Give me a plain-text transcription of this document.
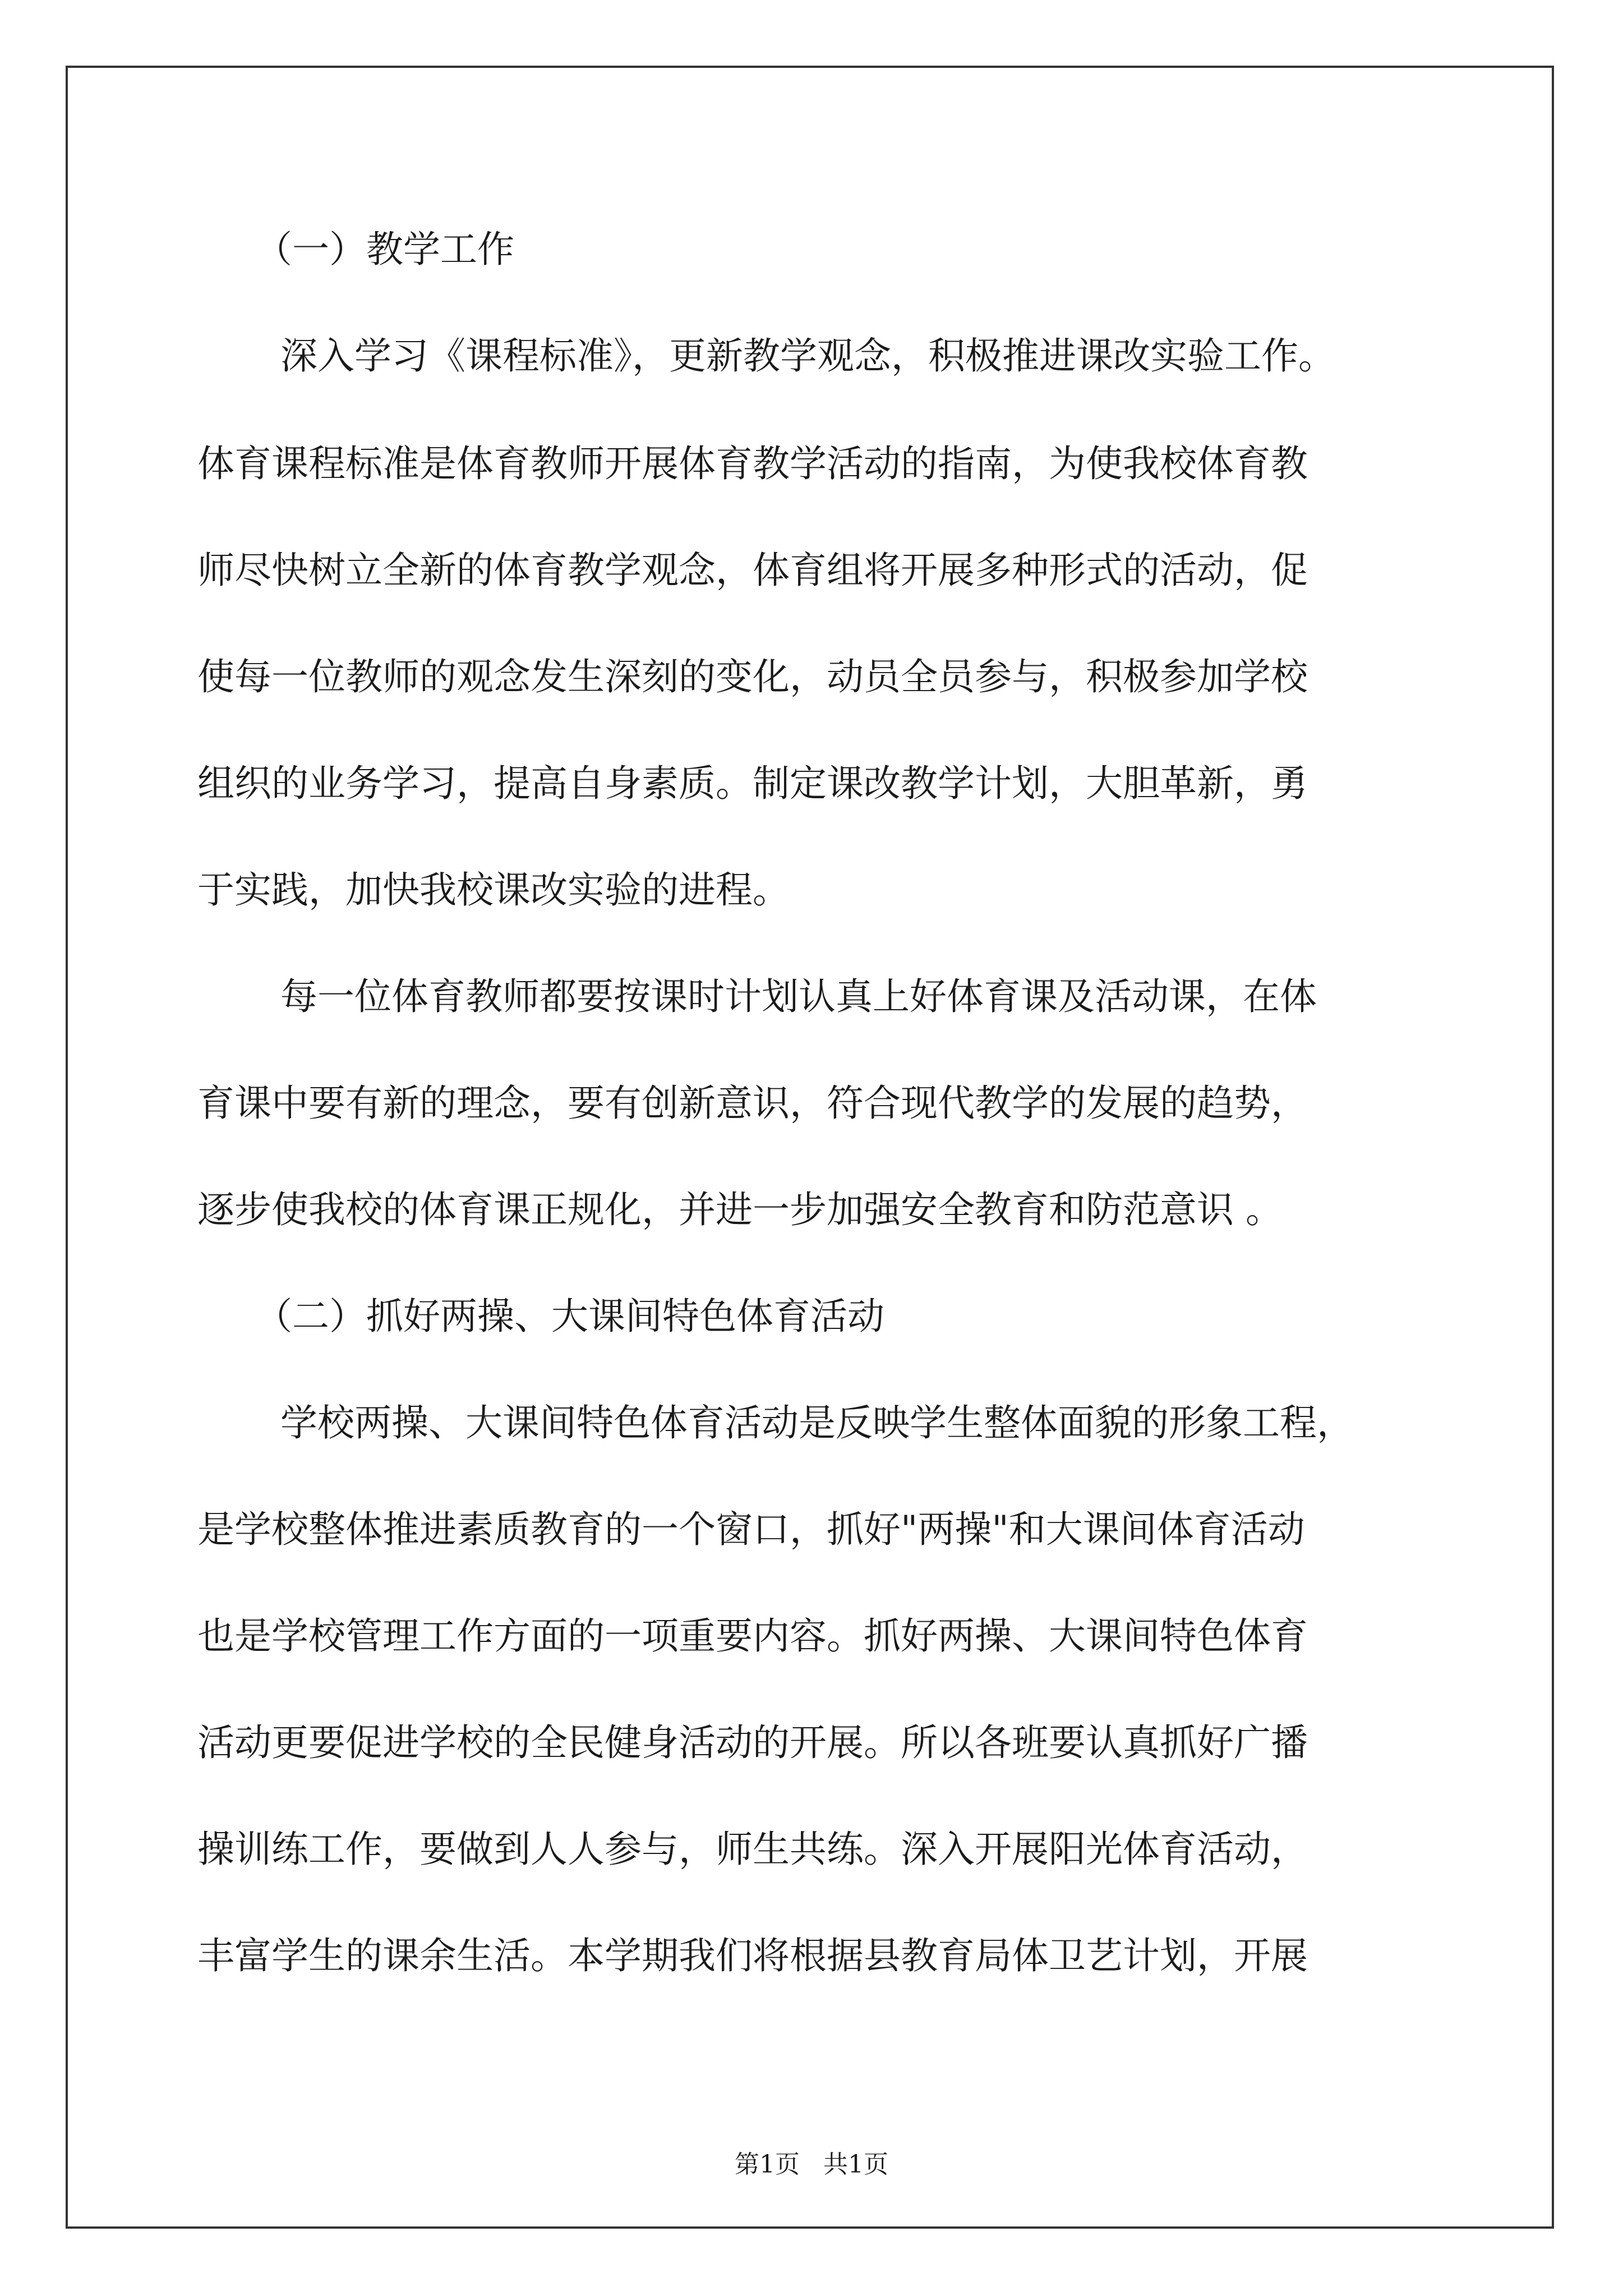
（一）教学工作
深入学习《课程标准》，更新教学观念，积极推进课改实验工作。
体育课程标准是体育教师开展体育教学活动的指南，为使我校体育教
师尽快树立全新的体育教学观念，体育组将开展多种形式的活动，促
使每一位教师的观念发生深刻的变化，动员全员参与，积极参加学校
组织的业务学习，提高自身素质。制定课改教学计划，大胆革新，勇
于实践，加快我校课改实验的进程。
每一位体育教师都要按课时计划认真上好体育课及活动课，在体
育课中要有新的理念，要有创新意识，符合现代教学的发展的趋势，
逐步使我校的体育课正规化，并进一步加强安全教育和防范意识 。
（二）抓好两操、大课间特色体育活动
学校两操、大课间特色体育活动是反映学生整体面貌的形象工程，
是学校整体推进素质教育的一个窗口，抓好"两操"和大课间体育活动
也是学校管理工作方面的一项重要内容。抓好两操、大课间特色体育
活动更要促进学校的全民健身活动的开展。所以各班要认真抓好广播
操训练工作，要做到人人参与，师生共练。深入开展阳光体育活动，
丰富学生的课余生活。本学期我们将根据县教育局体卫艺计划，开展
第1页 共1页
